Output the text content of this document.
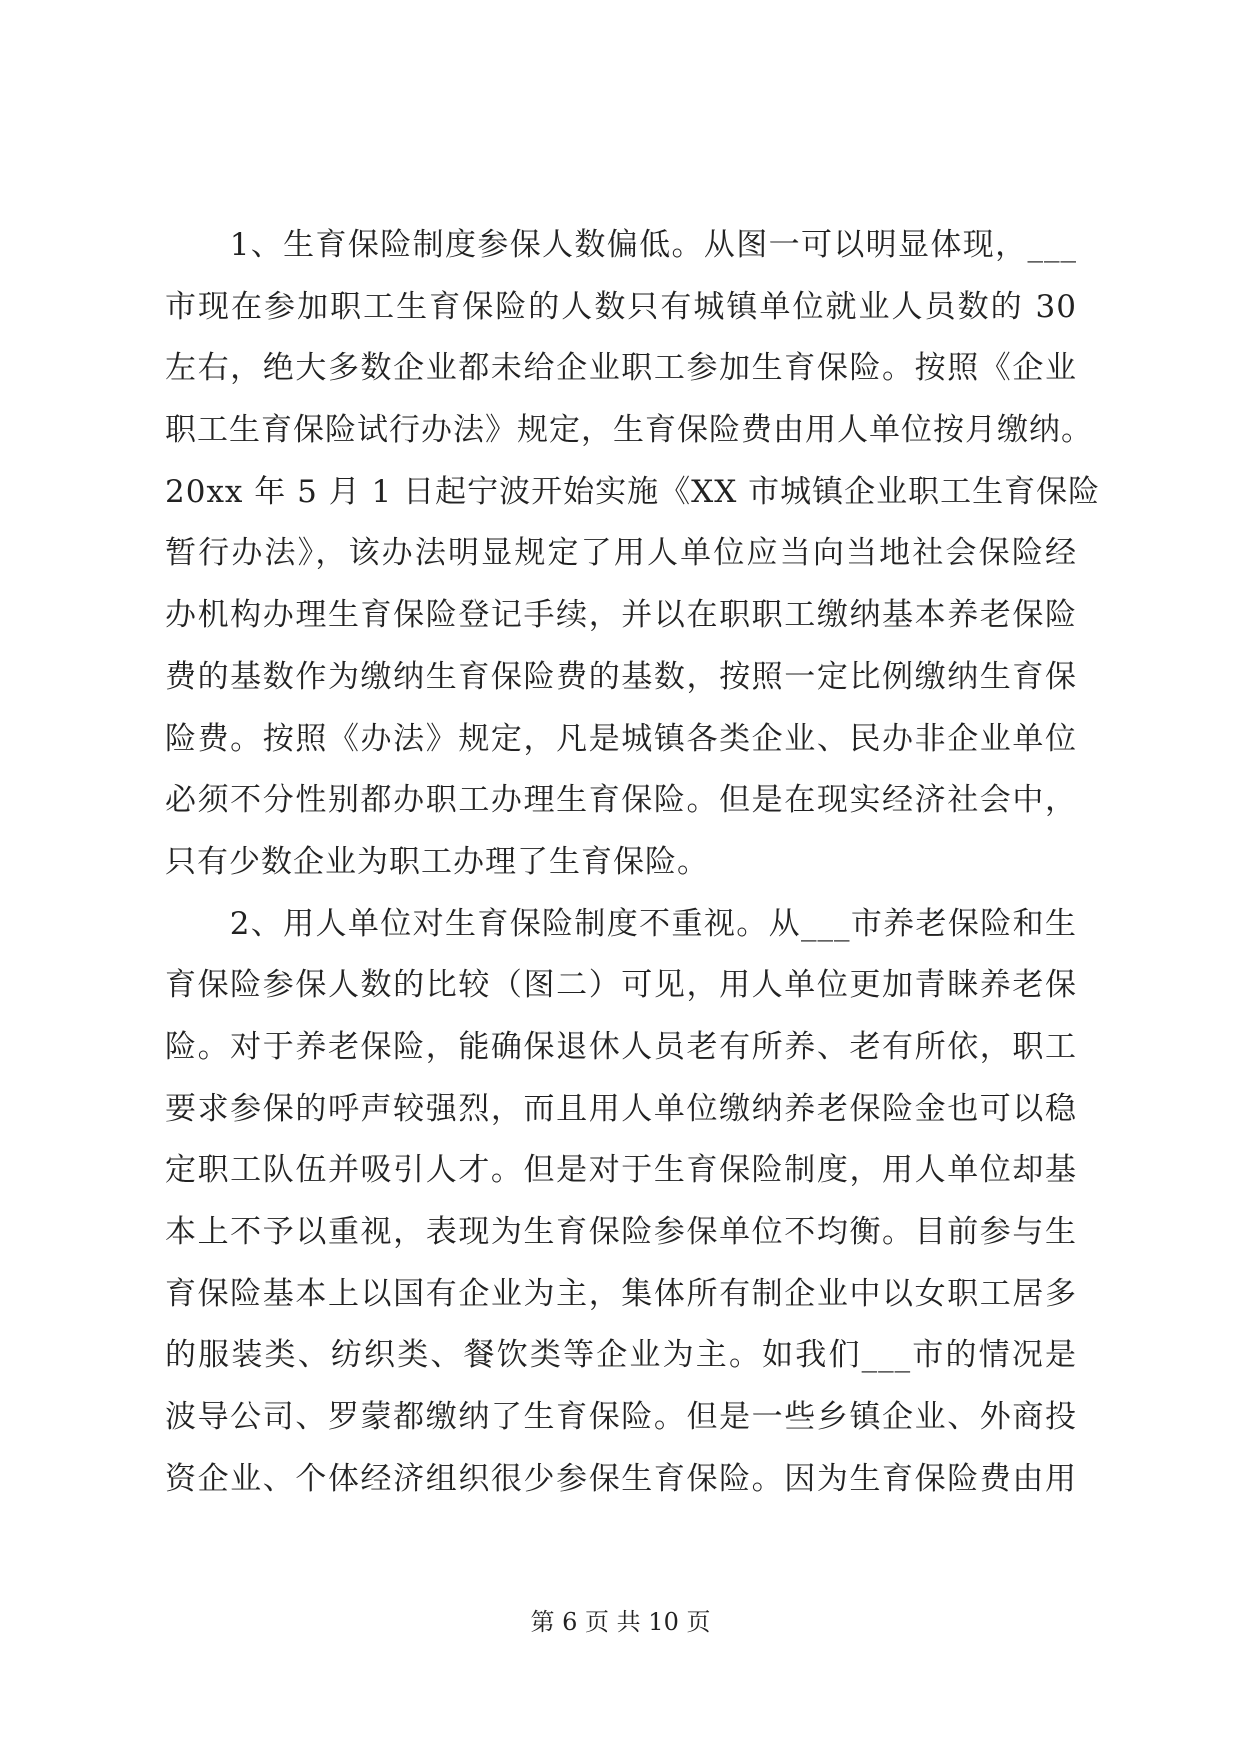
　　1、生育保险制度参保人数偏低。从图一可以明显体现，___
市现在参加职工生育保险的人数只有城镇单位就业人员数的 30
左右，绝大多数企业都未给企业职工参加生育保险。按照《企业
职工生育保险试行办法》规定，生育保险费由用人单位按月缴纳。
20xx 年 5 月 1 日起宁波开始实施《XX 市城镇企业职工生育保险
暂行办法》，该办法明显规定了用人单位应当向当地社会保险经
办机构办理生育保险登记手续，并以在职职工缴纳基本养老保险
费的基数作为缴纳生育保险费的基数，按照一定比例缴纳生育保
险费。按照《办法》规定，凡是城镇各类企业、民办非企业单位
必须不分性别都办职工办理生育保险。但是在现实经济社会中，
只有少数企业为职工办理了生育保险。
　　2、用人单位对生育保险制度不重视。从___市养老保险和生
育保险参保人数的比较（图二）可见，用人单位更加青睐养老保
险。对于养老保险，能确保退休人员老有所养、老有所依，职工
要求参保的呼声较强烈，而且用人单位缴纳养老保险金也可以稳
定职工队伍并吸引人才。但是对于生育保险制度，用人单位却基
本上不予以重视，表现为生育保险参保单位不均衡。目前参与生
育保险基本上以国有企业为主，集体所有制企业中以女职工居多
的服装类、纺织类、餐饮类等企业为主。如我们___市的情况是
波导公司、罗蒙都缴纳了生育保险。但是一些乡镇企业、外商投
资企业、个体经济组织很少参保生育保险。因为生育保险费由用
第 6 页 共 10 页
